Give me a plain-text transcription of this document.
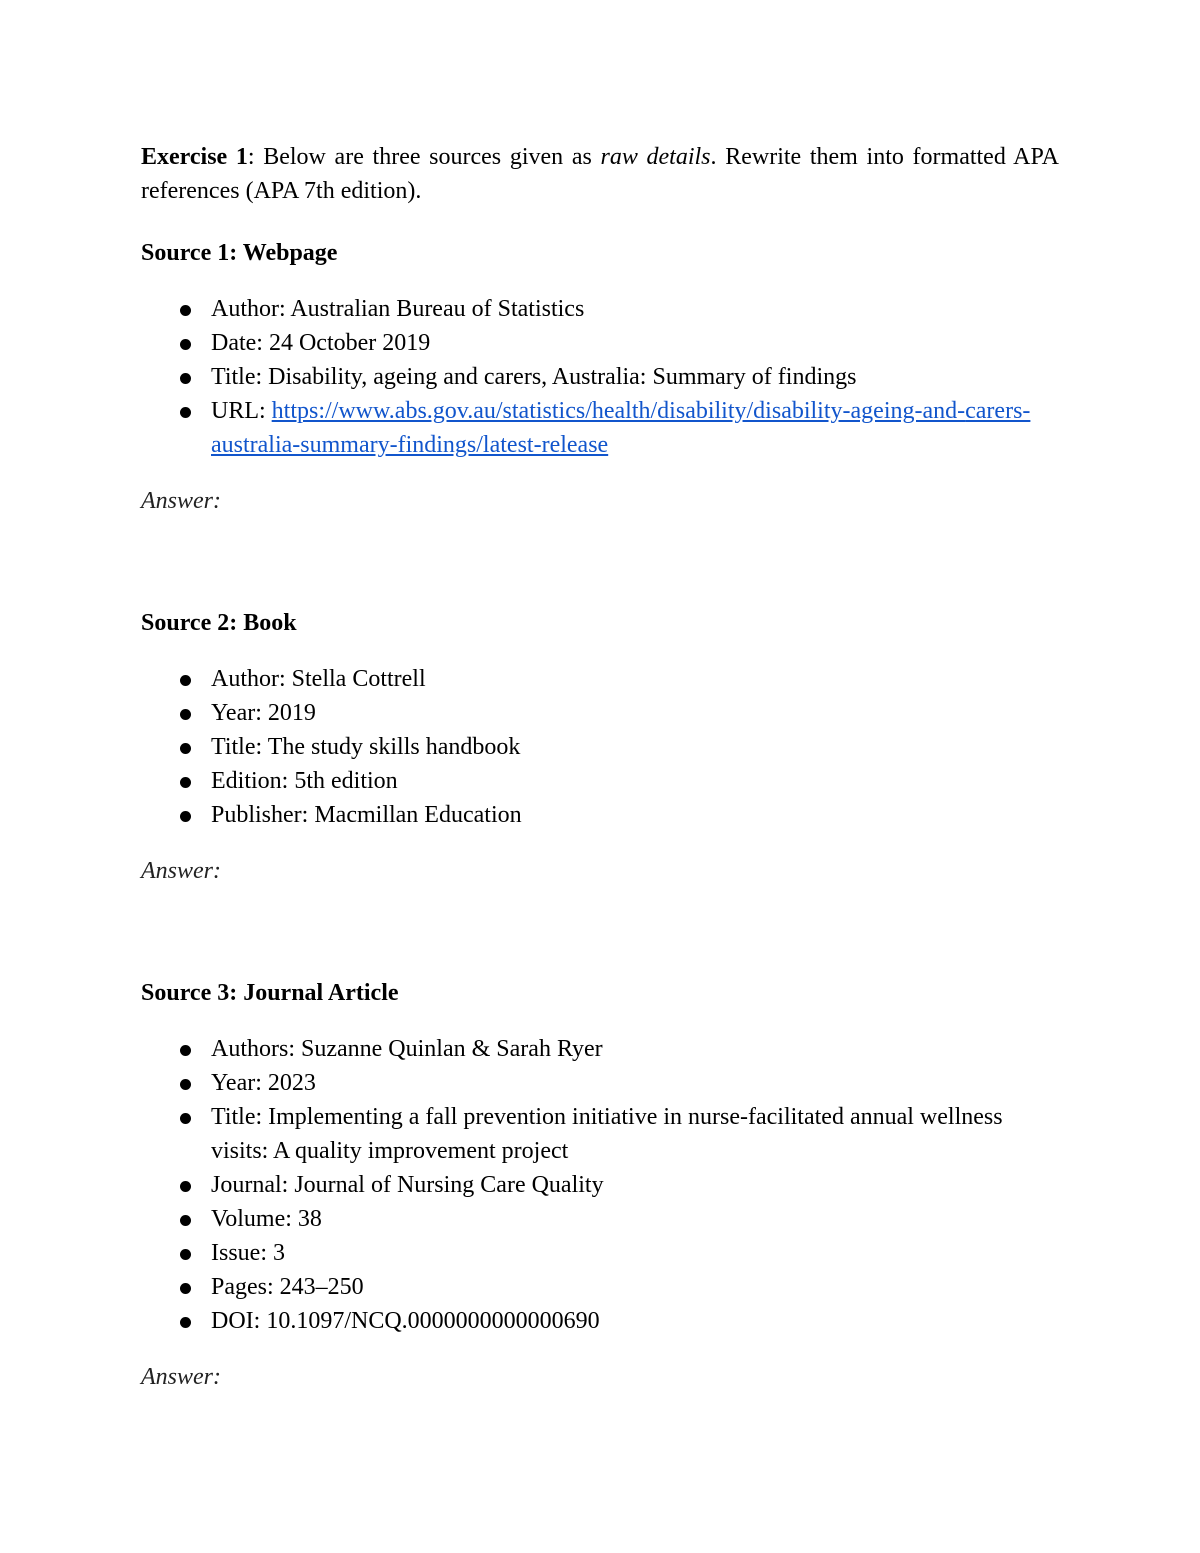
Exercise 1: Below are three sources given as raw details. Rewrite them into formatted APA references (APA 7th edition).

Source 1: Webpage

Author: Australian Bureau of Statistics
Date: 24 October 2019
Title: Disability, ageing and carers, Australia: Summary of findings
URL: https://www.abs.gov.au/statistics/health/disability/disability-ageing-and-carers-australia-summary-findings/latest-release

Answer:

Source 2: Book

Author: Stella Cottrell
Year: 2019
Title: The study skills handbook
Edition: 5th edition
Publisher: Macmillan Education

Answer:

Source 3: Journal Article

Authors: Suzanne Quinlan & Sarah Ryer
Year: 2023
Title: Implementing a fall prevention initiative in nurse-facilitated annual wellness visits: A quality improvement project
Journal: Journal of Nursing Care Quality
Volume: 38
Issue: 3
Pages: 243–250
DOI: 10.1097/NCQ.0000000000000690

Answer:
